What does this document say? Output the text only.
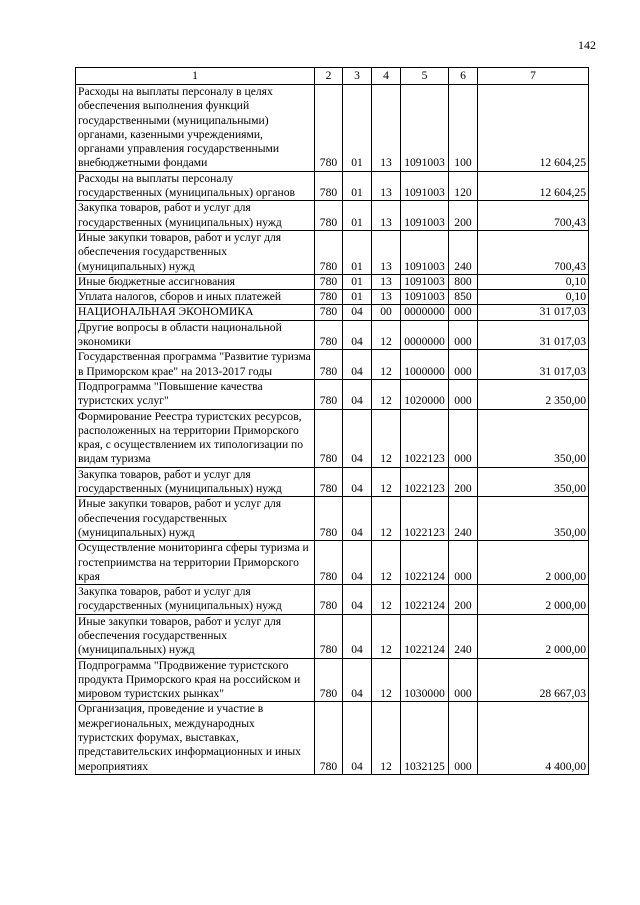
142
1	2	3	4	5	6	7
Расходы на выплаты персоналу в целях обеспечения выполнения функций государственными (муниципальными) органами, казенными учреждениями, органами управления государственными внебюджетными фондами	780	01	13	1091003	100	12 604,25
Расходы на выплаты персоналу государственных (муниципальных) органов	780	01	13	1091003	120	12 604,25
Закупка товаров, работ и услуг для государственных (муниципальных) нужд	780	01	13	1091003	200	700,43
Иные закупки товаров, работ и услуг для обеспечения государственных (муниципальных) нужд	780	01	13	1091003	240	700,43
Иные бюджетные ассигнования	780	01	13	1091003	800	0,10
Уплата налогов, сборов и иных платежей	780	01	13	1091003	850	0,10
НАЦИОНАЛЬНАЯ ЭКОНОМИКА	780	04	00	0000000	000	31 017,03
Другие вопросы в области национальной экономики	780	04	12	0000000	000	31 017,03
Государственная программа "Развитие туризма в Приморском крае" на 2013-2017 годы	780	04	12	1000000	000	31 017,03
Подпрограмма "Повышение качества туристских услуг"	780	04	12	1020000	000	2 350,00
Формирование Реестра туристских ресурсов, расположенных на территории Приморского края, с осуществлением их типологизации по видам туризма	780	04	12	1022123	000	350,00
Закупка товаров, работ и услуг для государственных (муниципальных) нужд	780	04	12	1022123	200	350,00
Иные закупки товаров, работ и услуг для обеспечения государственных (муниципальных) нужд	780	04	12	1022123	240	350,00
Осуществление мониторинга сферы туризма и гостеприимства на территории Приморского края	780	04	12	1022124	000	2 000,00
Закупка товаров, работ и услуг для государственных (муниципальных) нужд	780	04	12	1022124	200	2 000,00
Иные закупки товаров, работ и услуг для обеспечения государственных (муниципальных) нужд	780	04	12	1022124	240	2 000,00
Подпрограмма "Продвижение туристского продукта Приморского края на российском и мировом туристских рынках"	780	04	12	1030000	000	28 667,03
Организация, проведение и участие в межрегиональных, международных туристских форумах, выставках, представительских информационных и иных мероприятиях	780	04	12	1032125	000	4 400,00
